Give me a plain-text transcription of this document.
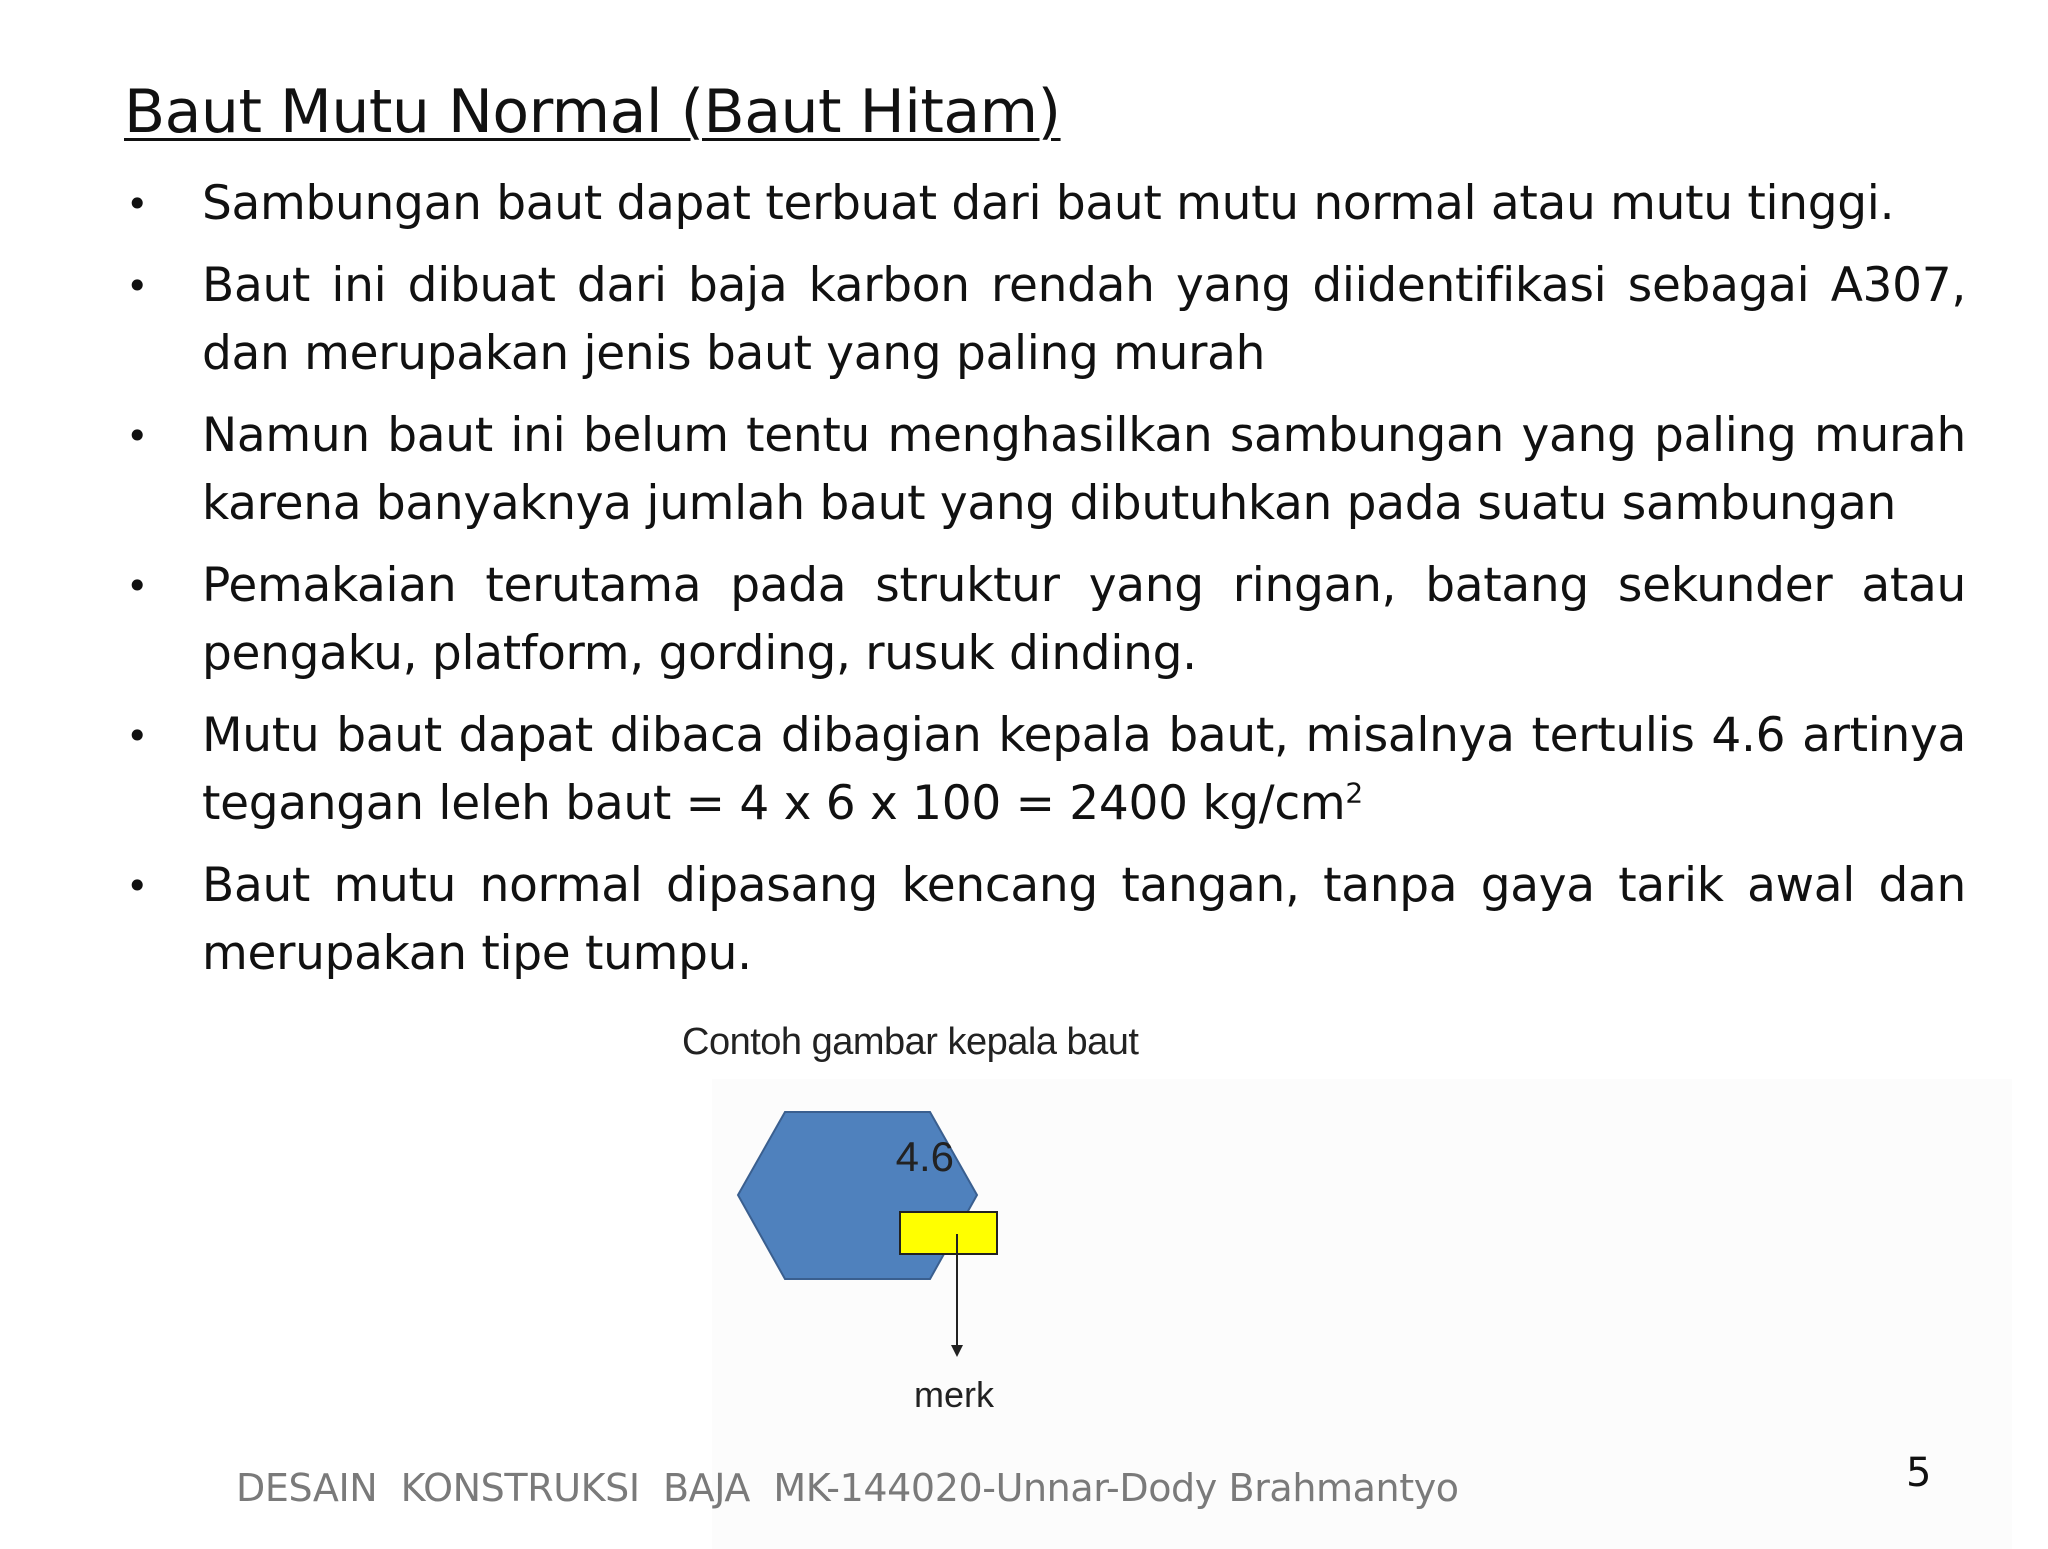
Baut Mutu Normal (Baut Hitam)
•	Sambungan baut dapat terbuat dari baut mutu normal atau mutu tinggi.
•	Baut ini dibuat dari baja karbon rendah yang diidentifikasi sebagai A307, dan merupakan jenis baut yang paling murah
•	Namun baut ini belum tentu menghasilkan sambungan yang paling murah karena banyaknya jumlah baut yang dibutuhkan pada suatu sambungan
•	Pemakaian terutama pada struktur yang ringan, batang sekunder atau pengaku, platform, gording, rusuk dinding.
•	Mutu baut dapat dibaca dibagian kepala baut, misalnya tertulis 4.6 artinya tegangan leleh baut = 4 x 6 x 100 = 2400 $kg/cm^2$
•	Baut mutu normal dipasang kencang tangan, tanpa gaya tarik awal dan merupakan tipe tumpu.
Contoh gambar kepala baut
4.6
merk
DESAIN  KONSTRUKSI  BAJA  MK-144020-Unnar-Dody Brahmantyo	5
